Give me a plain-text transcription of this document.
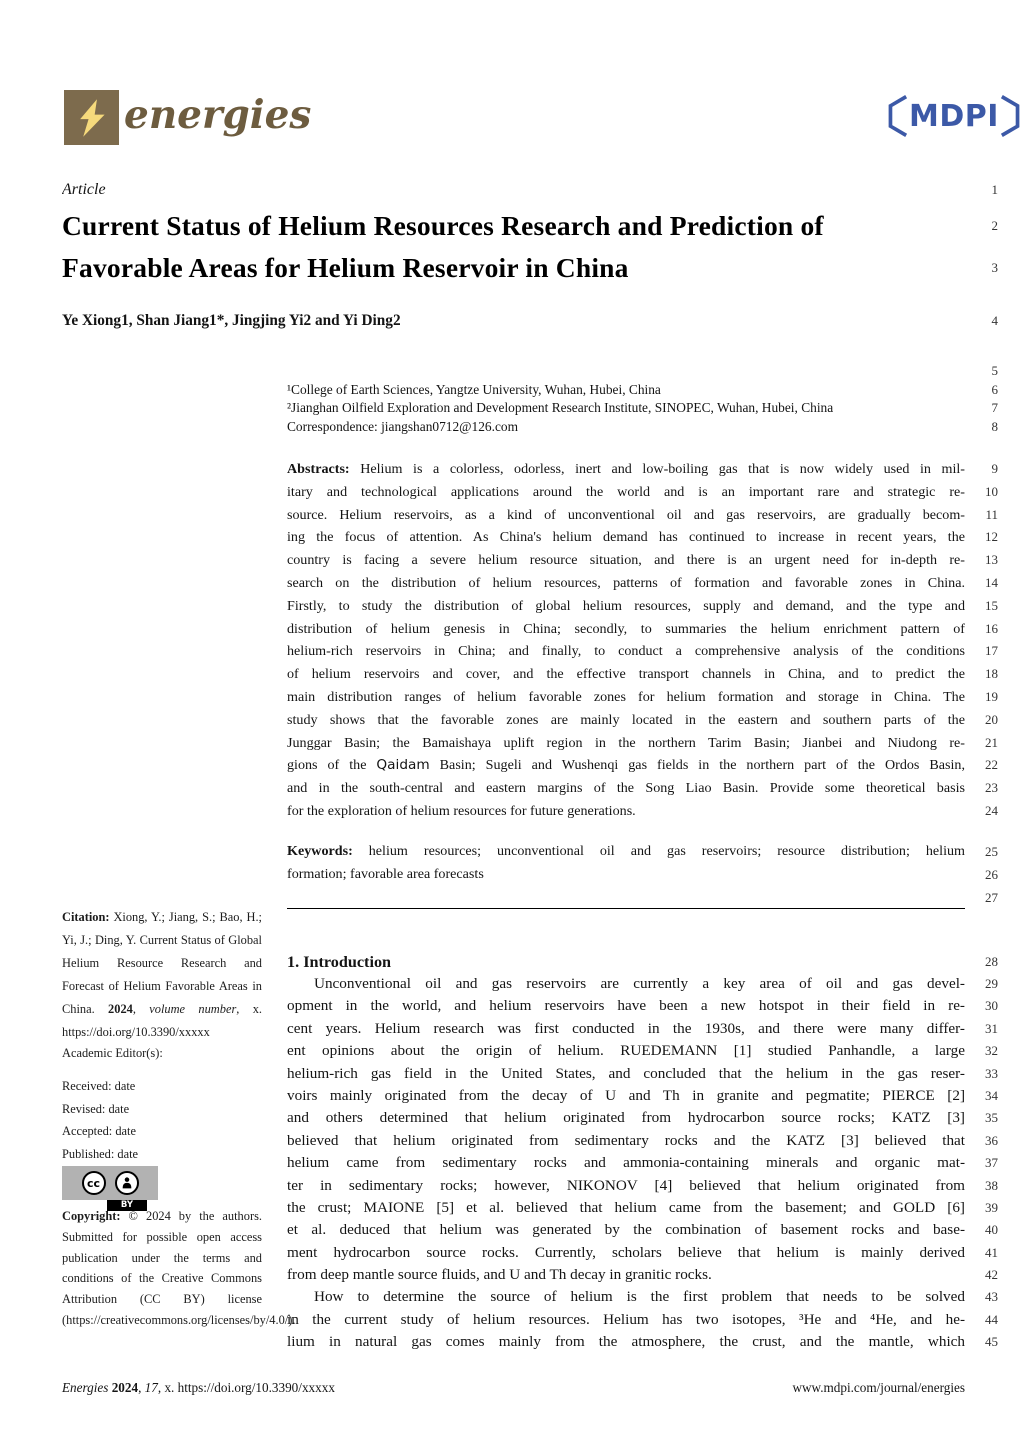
energies	MDPI
Article	1
Current Status of Helium Resources Research and Prediction of	2
Favorable Areas for Helium Reservoir in China	3
Ye Xiong1, Shan Jiang1*, Jingjing Yi2 and Yi Ding2	4
5
¹College of Earth Sciences, Yangtze University, Wuhan, Hubei, China	6
²Jianghan Oilfield Exploration and Development Research Institute, SINOPEC, Wuhan, Hubei, China	7
Correspondence: jiangshan0712@126.com	8
Abstracts: Helium is a colorless, odorless, inert and low-boiling gas that is now widely used in mil-	9
itary and technological applications around the world and is an important rare and strategic re-	10
source. Helium reservoirs, as a kind of unconventional oil and gas reservoirs, are gradually becom-	11
ing the focus of attention. As China's helium demand has continued to increase in recent years, the	12
country is facing a severe helium resource situation, and there is an urgent need for in-depth re-	13
search on the distribution of helium resources, patterns of formation and favorable zones in China.	14
Firstly, to study the distribution of global helium resources, supply and demand, and the type and	15
distribution of helium genesis in China; secondly, to summaries the helium enrichment pattern of	16
helium-rich reservoirs in China; and finally, to conduct a comprehensive analysis of the conditions	17
of helium reservoirs and cover, and the effective transport channels in China, and to predict the	18
main distribution ranges of helium favorable zones for helium formation and storage in China. The	19
study shows that the favorable zones are mainly located in the eastern and southern parts of the	20
Junggar Basin; the Bamaishaya uplift region in the northern Tarim Basin; Jianbei and Niudong re-	21
gions of the Qaidam Basin; Sugeli and Wushenqi gas fields in the northern part of the Ordos Basin,	22
and in the south-central and eastern margins of the Song Liao Basin. Provide some theoretical basis	23
for the exploration of helium resources for future generations.	24
Keywords: helium resources; unconventional oil and gas reservoirs; resource distribution; helium	25
formation; favorable area forecasts	26
27
1. Introduction	28
Unconventional oil and gas reservoirs are currently a key area of oil and gas devel-	29
opment in the world, and helium reservoirs have been a new hotspot in their field in re-	30
cent years. Helium research was first conducted in the 1930s, and there were many differ-	31
ent opinions about the origin of helium. RUEDEMANN [1] studied Panhandle, a large	32
helium-rich gas field in the United States, and concluded that the helium in the gas reser-	33
voirs mainly originated from the decay of U and Th in granite and pegmatite; PIERCE [2]	34
and others determined that helium originated from hydrocarbon source rocks; KATZ [3]	35
believed that helium originated from sedimentary rocks and the KATZ [3] believed that	36
helium came from sedimentary rocks and ammonia-containing minerals and organic mat-	37
ter in sedimentary rocks; however, NIKONOV [4] believed that helium originated from	38
the crust; MAIONE [5] et al. believed that helium came from the basement; and GOLD [6]	39
et al. deduced that helium was generated by the combination of basement rocks and base-	40
ment hydrocarbon source rocks. Currently, scholars believe that helium is mainly derived	41
from deep mantle source fluids, and U and Th decay in granitic rocks.	42
How to determine the source of helium is the first problem that needs to be solved	43
in the current study of helium resources. Helium has two isotopes, ³He and ⁴He, and he-	44
lium in natural gas comes mainly from the atmosphere, the crust, and the mantle, which	45
Citation: Xiong, Y.; Jiang, S.; Bao, H.; Yi, J.; Ding, Y. Current Status of Global Helium Resource Research and Forecast of Helium Favorable Areas in China. 2024, volume number, x. https://doi.org/10.3390/xxxxx
Academic Editor(s):
Received: date
Revised: date
Accepted: date
Published: date
cc
BY
Copyright: © 2024 by the authors. Submitted for possible open access publication under the terms and conditions of the Creative Commons Attribution (CC BY) license (https://creativecommons.org/licenses/by/4.0/).
Energies 2024, 17, x. https://doi.org/10.3390/xxxxx	www.mdpi.com/journal/energies
